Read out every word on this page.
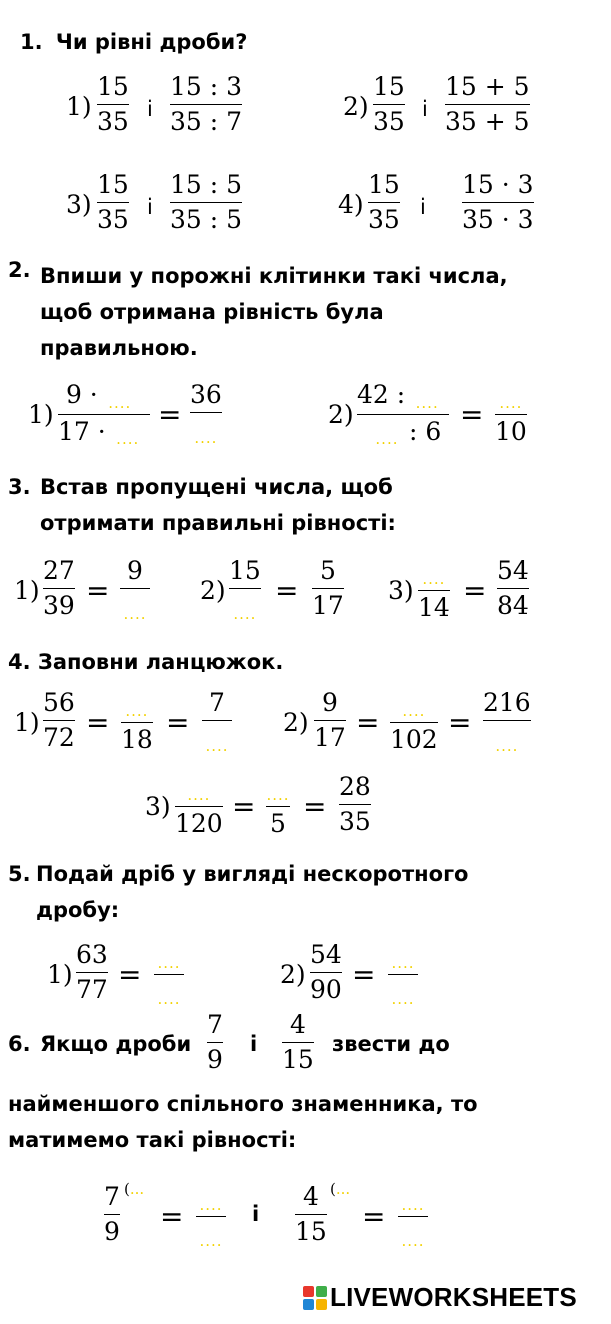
1. Чи рівні дроби?
1)
15
35 і
15 : 3
35 : 7
2)
15
35 і
15 + 5
35 + 5
3)
15
35 і
15 : 5
35 : 5
4)
15
35 і
15 · 3
35 · 3
2. Впиши у порожні клітинки такі числа,
щоб отримана рівність була
правильною.
1)
9 ·....
17 ·....
=
36
....
2)
42 :....
....: 6
=
....
10
3. Встав пропущені числа, щоб
отримати правильні рівності:
1)
27
39 =
9
....
2)
15
....
=
5
17
3)
....
14
=
54
84
4. Заповни ланцюжок.
1)
56
72 =
....
18
=
7
....
2)
9
17 =
....
102
=
216
....
3)
....
120
=
....
5
=
28
35
5. Подай дріб у вигляді нескоротного
дробу:
1)
63
77 =
....
....	2)
54
90 =
....
....
6. Якщо дроби
7
9
і
4
15
звести до
найменшого спільного знаменника, то
матимемо такі рівності:
7
9
(...
=
....
....	і
4
15
(...
=
....
....
LIVEWORKSHEETS
